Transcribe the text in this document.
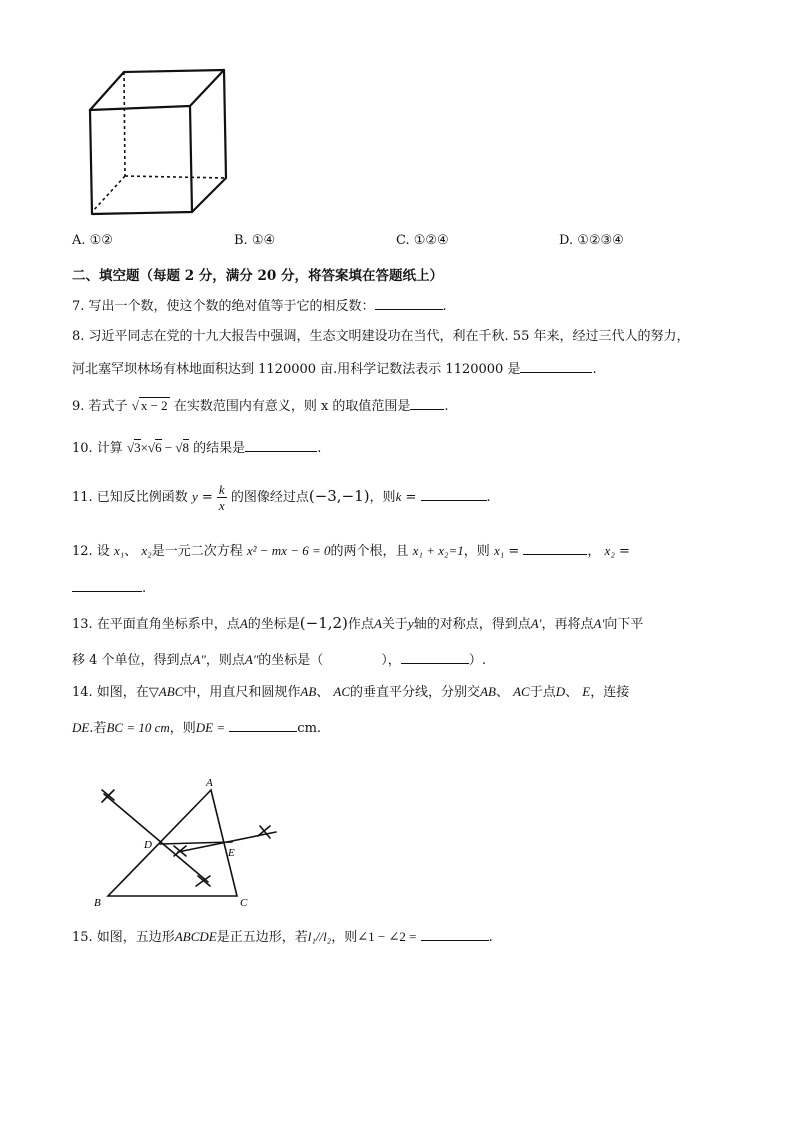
A. ①②	B. ①④	C. ①②④	D. ①②③④
二、填空题（每题 2 分，满分 20 分，将答案填在答题纸上）
7. 写出一个数，使这个数的绝对值等于它的相反数：	.
8. 习近平同志在党的十九大报告中强调，生态文明建设功在当代，利在千秋. 55 年来，经过三代人的努力，
河北塞罕坝林场有林地面积达到 1120000 亩.用科学记数法表示 1120000 是	.
9. 若式子 √ x − 2 在实数范围内有意义，则 x 的取值范围是	.
10. 计算 √3×√6 − √8 的结果是	.
11. 已知反比例函数 $y = \frac{k}{x}$ 的图像经过点(−3,−1)，则k =	.
12. 设 x₁、 x₂是一元二次方程 x² − mx − 6 = 0的两个根，且 x₁ + x₂=1，则 x₁ =	， x₂ =
.
13. 在平面直角坐标系中，点A的坐标是(−1,2)作点A关于y轴的对称点，得到点A′，再将点A′向下平
移 4 个单位，得到点A″，则点A″的坐标是（	），	）.
14. 如图，在▽ABC中，用直尺和圆规作AB、 AC的垂直平分线，分别交AB、 AC于点D、 E，连接
DE.若BC = 10 cm，则DE =	cm.
A
B	C
D
E
15. 如图，五边形ABCDE是正五边形，若l₁//l₂，则∠1 − ∠2 =	.
